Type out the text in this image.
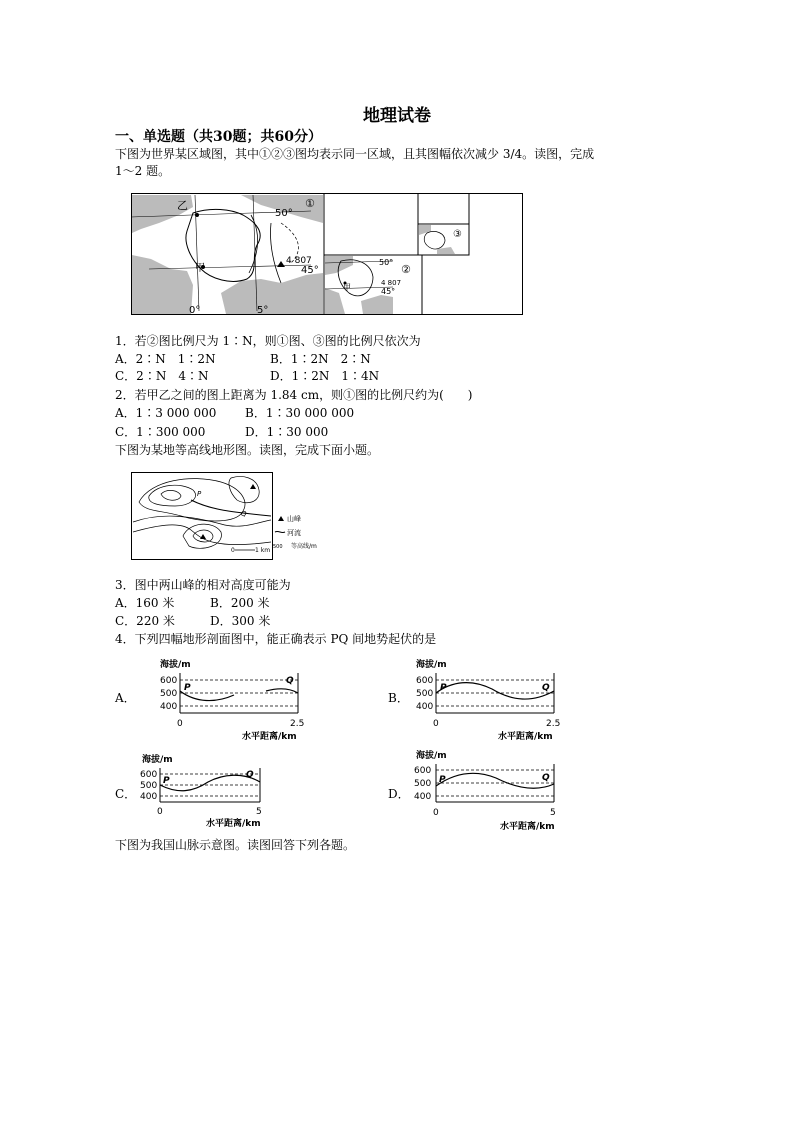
地理试卷
一、单选题（共30题；共60分）
下图为世界某区域图，其中①②③图均表示同一区域，且其图幅依次减少 3/4。读图，完成
1～2 题。
乙
甲
50°
45°
0°	5°
4 807
①
甲
50°
4 807
45°
②
③
1．若②图比例尺为 1∶N，则①图、③图的比例尺依次为
A．2∶N　1∶2N	B．1∶2N　2∶N
C．2∶N　4∶N	D．1∶2N　1∶4N
2．若甲乙之间的图上距离为 1.84 cm，则①图的比例尺约为(　　)
A．1∶3 000 000 B．1∶30 000 000
C．1∶300 000	D．1∶30 000
下图为某地等高线地形图。读图，完成下面小题。
P
Q
0	1 km
山峰
河流
500 等高线/m
3．图中两山峰的相对高度可能为
A．160 米	B．200 米
C．220 米	D．300 米
4．下列四幅地形剖面图中，能正确表示 PQ 间地势起伏的是
A．
海拔/m
600
500
400
P
Q
0	2.5
水平距离/km
B．
海拔/m
600
500
400
P	Q
0	2.5
水平距离/km
C．
海拔/m
600
500
400
P
Q
0	5
水平距离/km
D．
海拔/m
600
500
400
P	Q
0	5
水平距离/km
下图为我国山脉示意图。读图回答下列各题。
